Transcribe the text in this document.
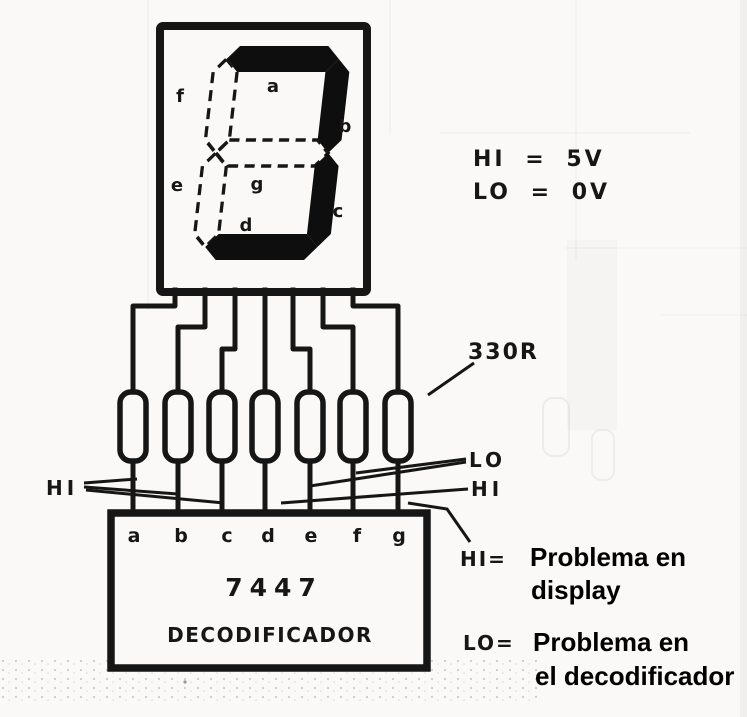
f	a
b
g
e
c
d
a b c d e f g
7447
DECODIFICADOR
HI = 5V
LO = 0V
330R
HI
LO
HI
HI= Problema en
display
LO= Problema en
el decodificador
